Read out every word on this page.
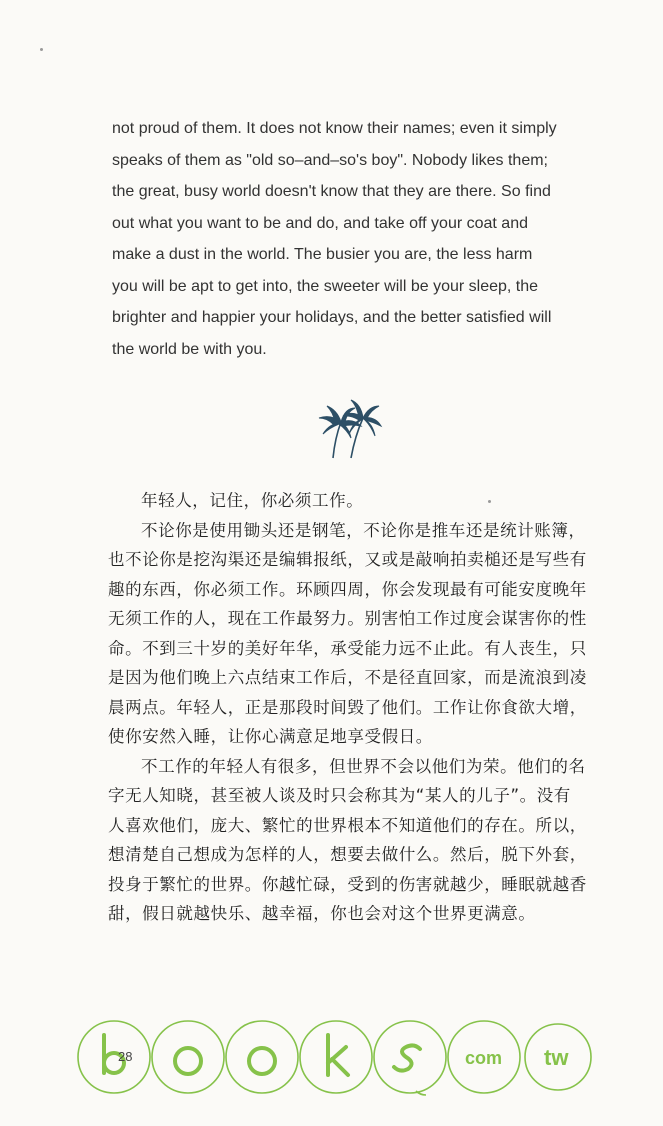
not proud of them. It does not know their names; even it simply
speaks of them as "old so–and–so's boy". Nobody likes them;
the great, busy world doesn't know that they are there. So find
out what you want to be and do, and take off your coat and
make a dust in the world. The busier you are, the less harm
you will be apt to get into, the sweeter will be your sleep, the
brighter and happier your holidays, and the better satisfied will
the world be with you.
年轻人，记住，你必须工作。
不论你是使用锄头还是钢笔，不论你是推车还是统计账簿，
也不论你是挖沟渠还是编辑报纸，又或是敲响拍卖槌还是写些有
趣的东西，你必须工作。环顾四周，你会发现最有可能安度晚年
无须工作的人，现在工作最努力。别害怕工作过度会谋害你的性
命。不到三十岁的美好年华，承受能力远不止此。有人丧生，只
是因为他们晚上六点结束工作后，不是径直回家，而是流浪到凌
晨两点。年轻人，正是那段时间毁了他们。工作让你食欲大增，
使你安然入睡，让你心满意足地享受假日。
不工作的年轻人有很多，但世界不会以他们为荣。他们的名
字无人知晓，甚至被人谈及时只会称其为“某人的儿子”。没有
人喜欢他们，庞大、繁忙的世界根本不知道他们的存在。所以，
想清楚自己想成为怎样的人，想要去做什么。然后，脱下外套，
投身于繁忙的世界。你越忙碌，受到的伤害就越少，睡眠就越香
甜，假日就越快乐、越幸福，你也会对这个世界更满意。
com tw
28
